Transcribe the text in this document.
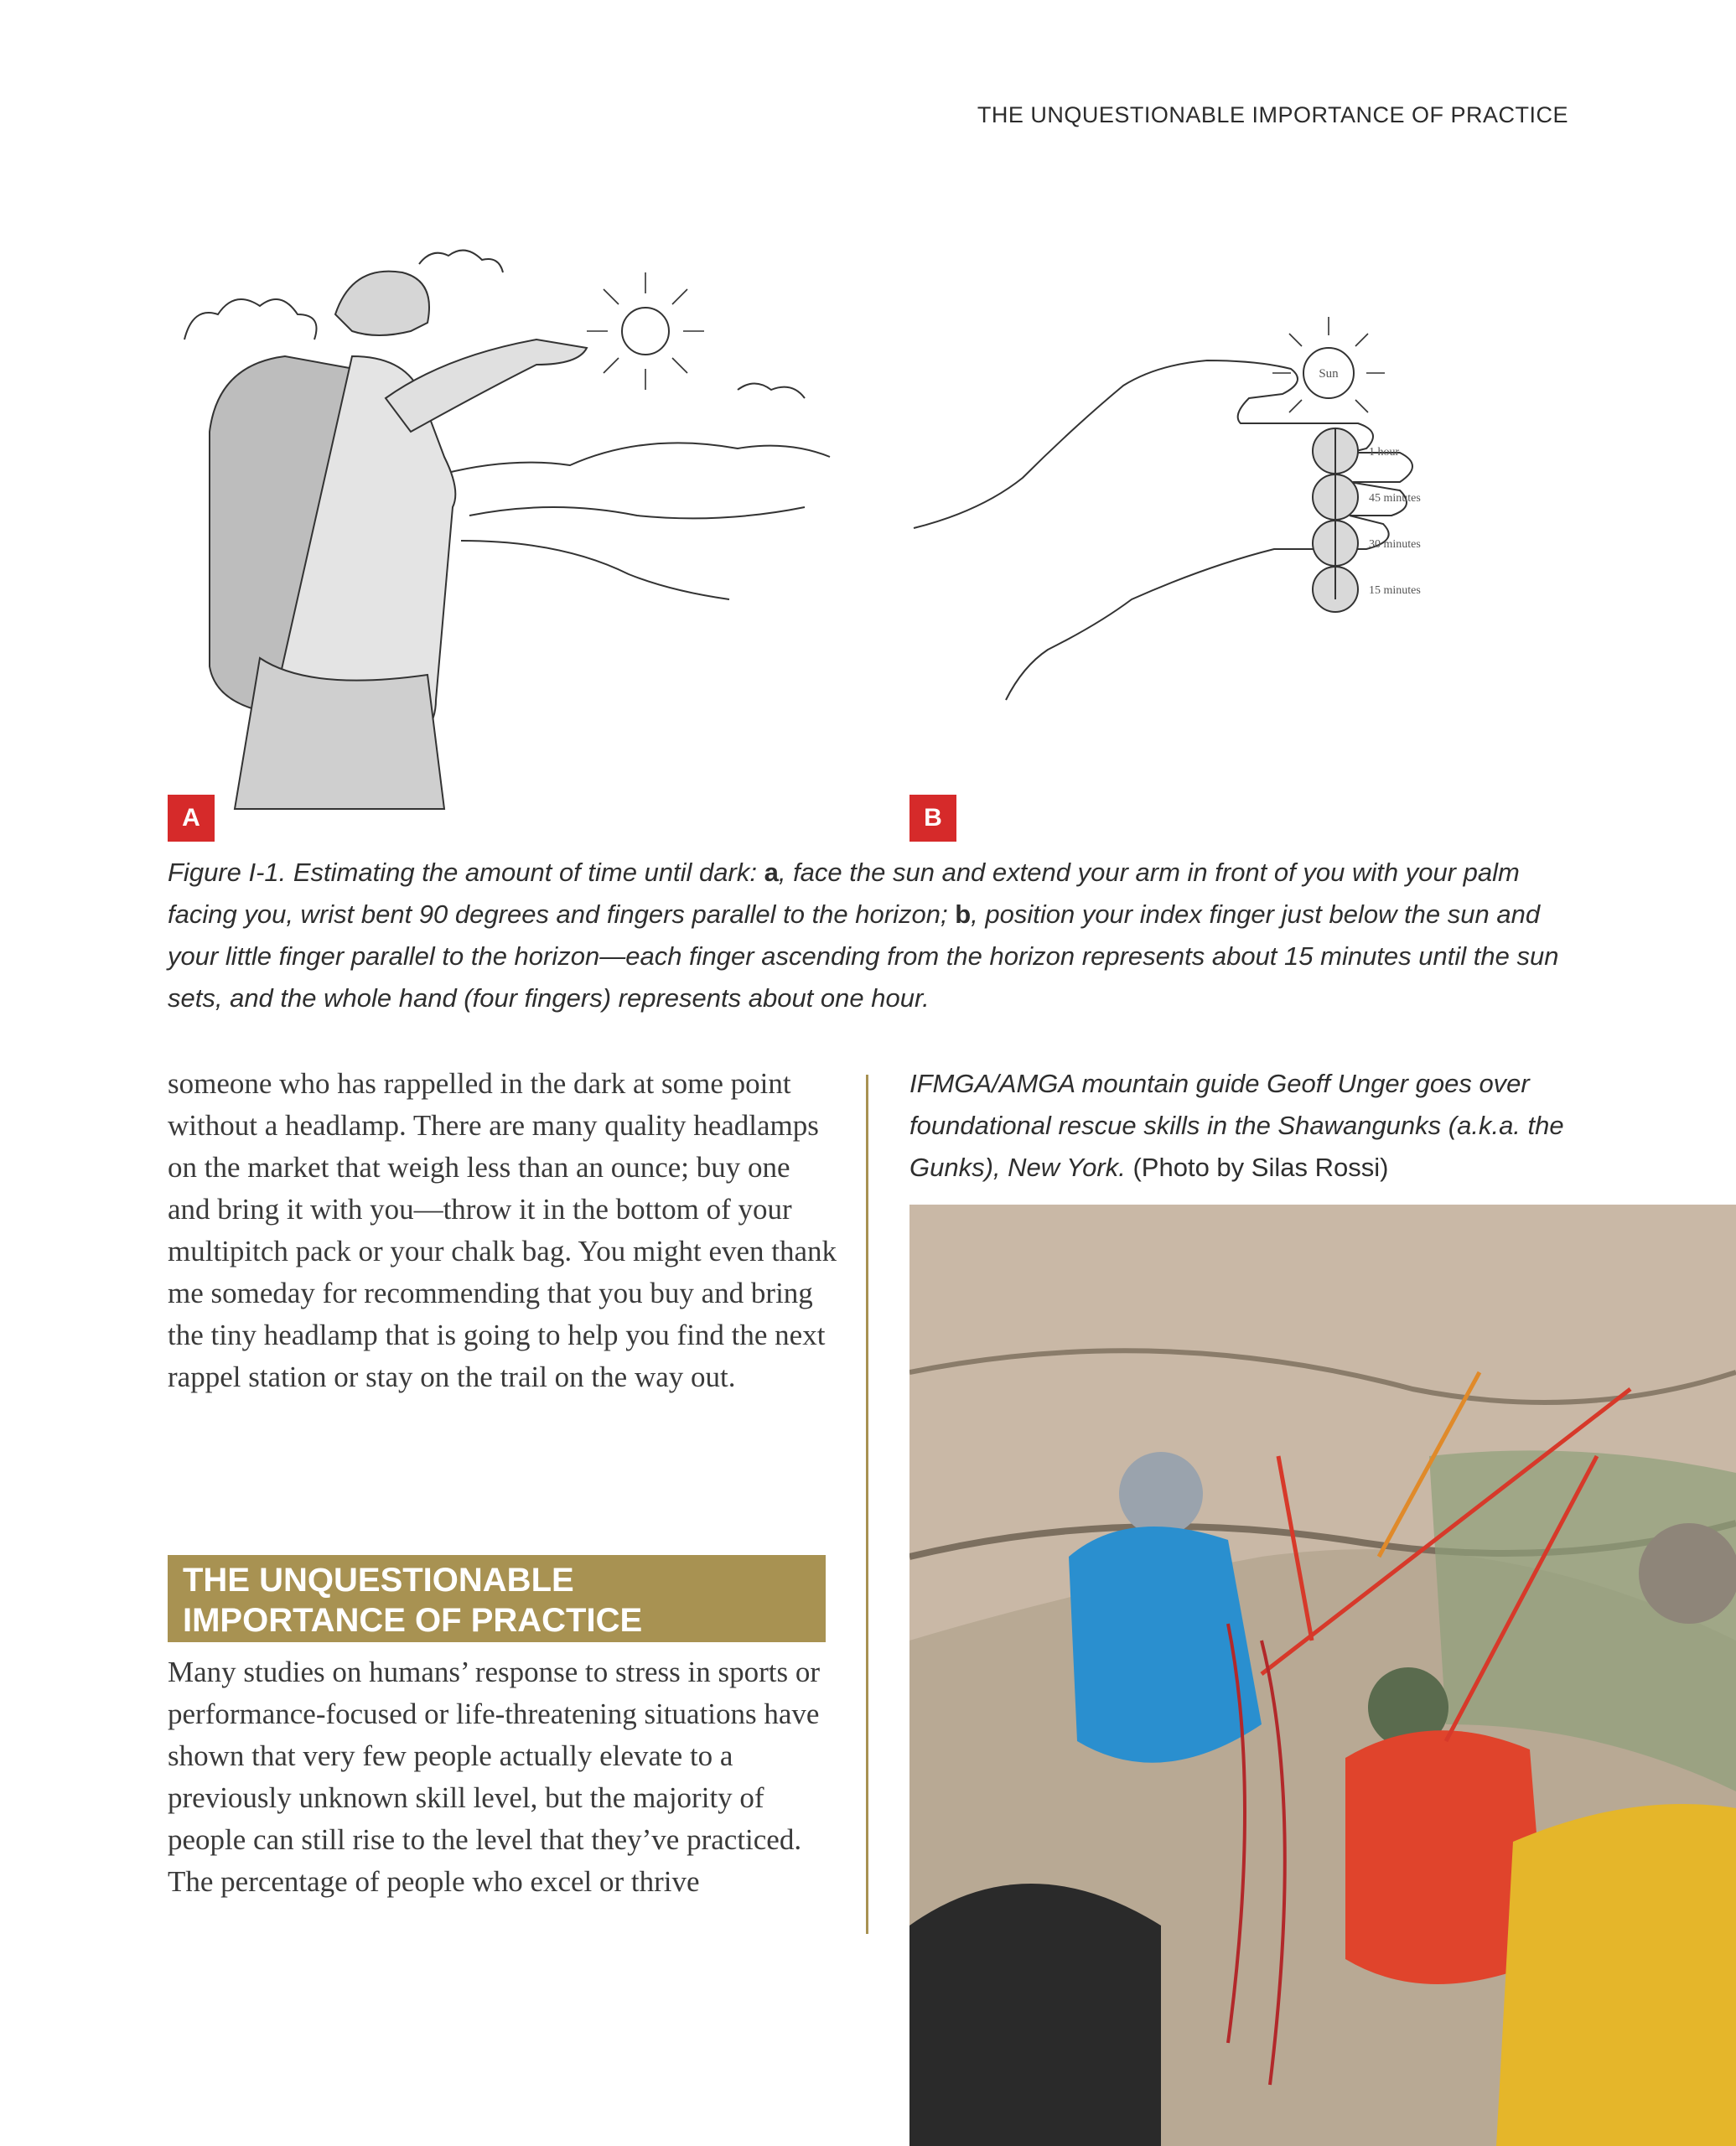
THE UNQUESTIONABLE IMPORTANCE OF PRACTICE
Sun
1 hour
45 minutes
30 minutes
15 minutes
A	B
Figure I-1. Estimating the amount of time until dark: a, face the sun and extend your arm in front of you with your palm facing you, wrist bent 90 degrees and fingers parallel to the horizon; b, position your index finger just below the sun and your little finger parallel to the horizon—each finger ascending from the horizon represents about 15 minutes until the sun sets, and the whole hand (four fingers) represents about one hour.
someone who has rappelled in the dark at some point without a headlamp. There are many quality headlamps on the market that weigh less than an ounce; buy one and bring it with you—throw it in the bottom of your multipitch pack or your chalk bag. You might even thank me someday for recommending that you buy and bring the tiny headlamp that is going to help you find the next rappel station or stay on the trail on the way out.
THE UNQUESTIONABLE
IMPORTANCE OF PRACTICE
Many studies on humans’ response to stress in sports or performance-focused or life-threatening situations have shown that very few people actually elevate to a previously unknown skill level, but the majority of people can still rise to the level that they’ve practiced. The percentage of people who excel or thrive
IFMGA/AMGA mountain guide Geoff Unger goes over foundational rescue skills in the Shawangunks (a.k.a. the Gunks), New York. (Photo by Silas Rossi)
